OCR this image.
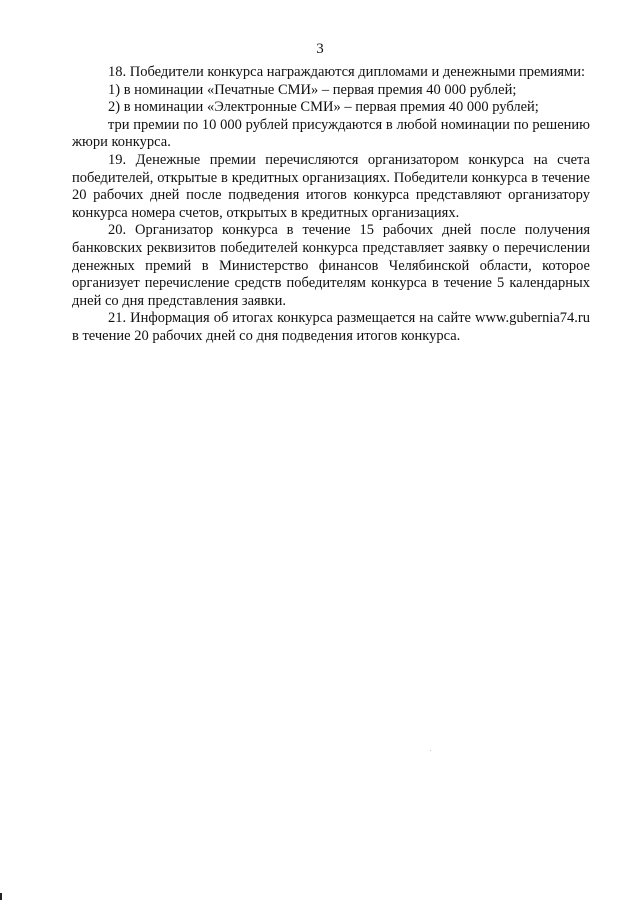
3

18. Победители конкурса награждаются дипломами и денежными премиями:

1) в номинации «Печатные СМИ» – первая премия 40 000 рублей;

2) в номинации «Электронные СМИ» – первая премия 40 000 рублей;

три премии по 10 000 рублей присуждаются в любой номинации по решению жюри конкурса.

19. Денежные премии перечисляются организатором конкурса на счета победителей, открытые в кредитных организациях. Победители конкурса в течение 20 рабочих дней после подведения итогов конкурса представляют организатору конкурса номера счетов, открытых в кредитных организациях.

20. Организатор конкурса в течение 15 рабочих дней после получения банковских реквизитов победителей конкурса представляет заявку о перечислении денежных премий в Министерство финансов Челябинской области, которое организует перечисление средств победителям конкурса в течение 5 календарных дней со дня представления заявки.

21. Информация об итогах конкурса размещается на сайте www.gubernia74.ru в течение 20 рабочих дней со дня подведения итогов конкурса.
